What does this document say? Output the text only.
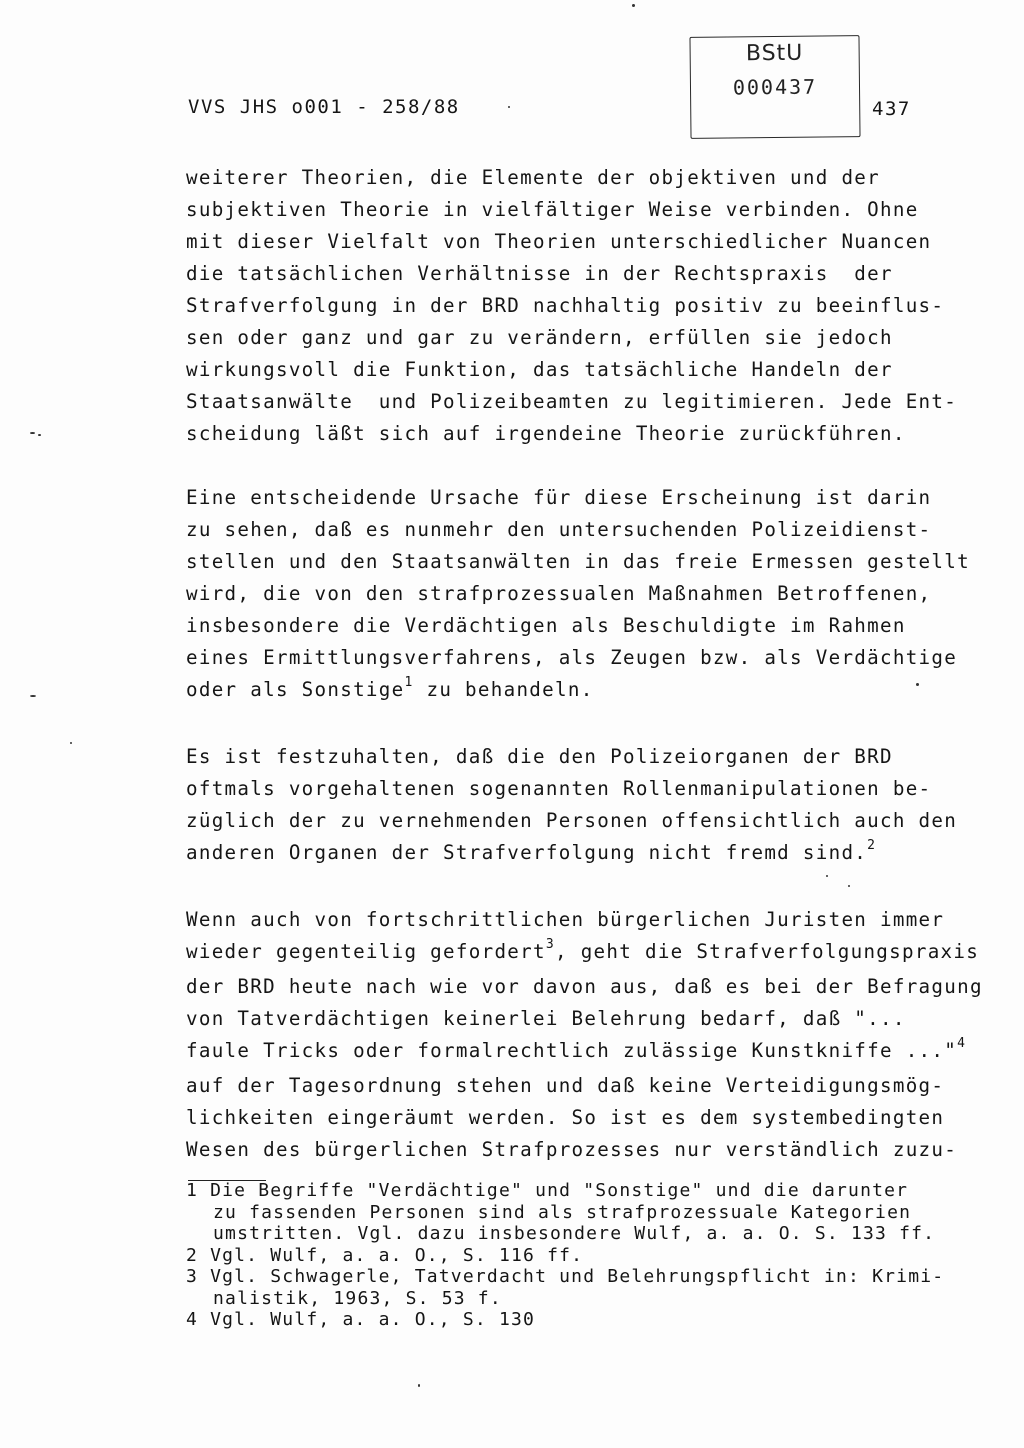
VVS JHS o001 - 258/88
BStU
000437
437
weiterer Theorien, die Elemente der objektiven und der
subjektiven Theorie in vielfältiger Weise verbinden. Ohne
mit dieser Vielfalt von Theorien unterschiedlicher Nuancen
die tatsächlichen Verhältnisse in der Rechtspraxis  der
Strafverfolgung in der BRD nachhaltig positiv zu beeinflus-
sen oder ganz und gar zu verändern, erfüllen sie jedoch
wirkungsvoll die Funktion, das tatsächliche Handeln der
Staatsanwälte  und Polizeibeamten zu legitimieren. Jede Ent-
scheidung läßt sich auf irgendeine Theorie zurückführen.
Eine entscheidende Ursache für diese Erscheinung ist darin
zu sehen, daß es nunmehr den untersuchenden Polizeidienst-
stellen und den Staatsanwälten in das freie Ermessen gestellt
wird, die von den strafprozessualen Maßnahmen Betroffenen,
insbesondere die Verdächtigen als Beschuldigte im Rahmen
eines Ermittlungsverfahrens, als Zeugen bzw. als Verdächtige
oder als Sonstige$^1$ zu behandeln.
Es ist festzuhalten, daß die den Polizeiorganen der BRD
oftmals vorgehaltenen sogenannten Rollenmanipulationen be-
züglich der zu vernehmenden Personen offensichtlich auch den
anderen Organen der Strafverfolgung nicht fremd sind.$^2$
Wenn auch von fortschrittlichen bürgerlichen Juristen immer
wieder gegenteilig gefordert$^3$, geht die Strafverfolgungspraxis
der BRD heute nach wie vor davon aus, daß es bei der Befragung
von Tatverdächtigen keinerlei Belehrung bedarf, daß "...
faule Tricks oder formalrechtlich zulässige Kunstkniffe ..."$^4$
auf der Tagesordnung stehen und daß keine Verteidigungsmög-
lichkeiten eingeräumt werden. So ist es dem systembedingten
Wesen des bürgerlichen Strafprozesses nur verständlich zuzu-
1 Die Begriffe "Verdächtige" und "Sonstige" und die darunter
zu fassenden Personen sind als strafprozessuale Kategorien
umstritten. Vgl. dazu insbesondere Wulf, a. a. O. S. 133 ff.
2 Vgl. Wulf, a. a. O., S. 116 ff.
3 Vgl. Schwagerle, Tatverdacht und Belehrungspflicht in: Krimi-
nalistik, 1963, S. 53 f.
4 Vgl. Wulf, a. a. O., S. 130
